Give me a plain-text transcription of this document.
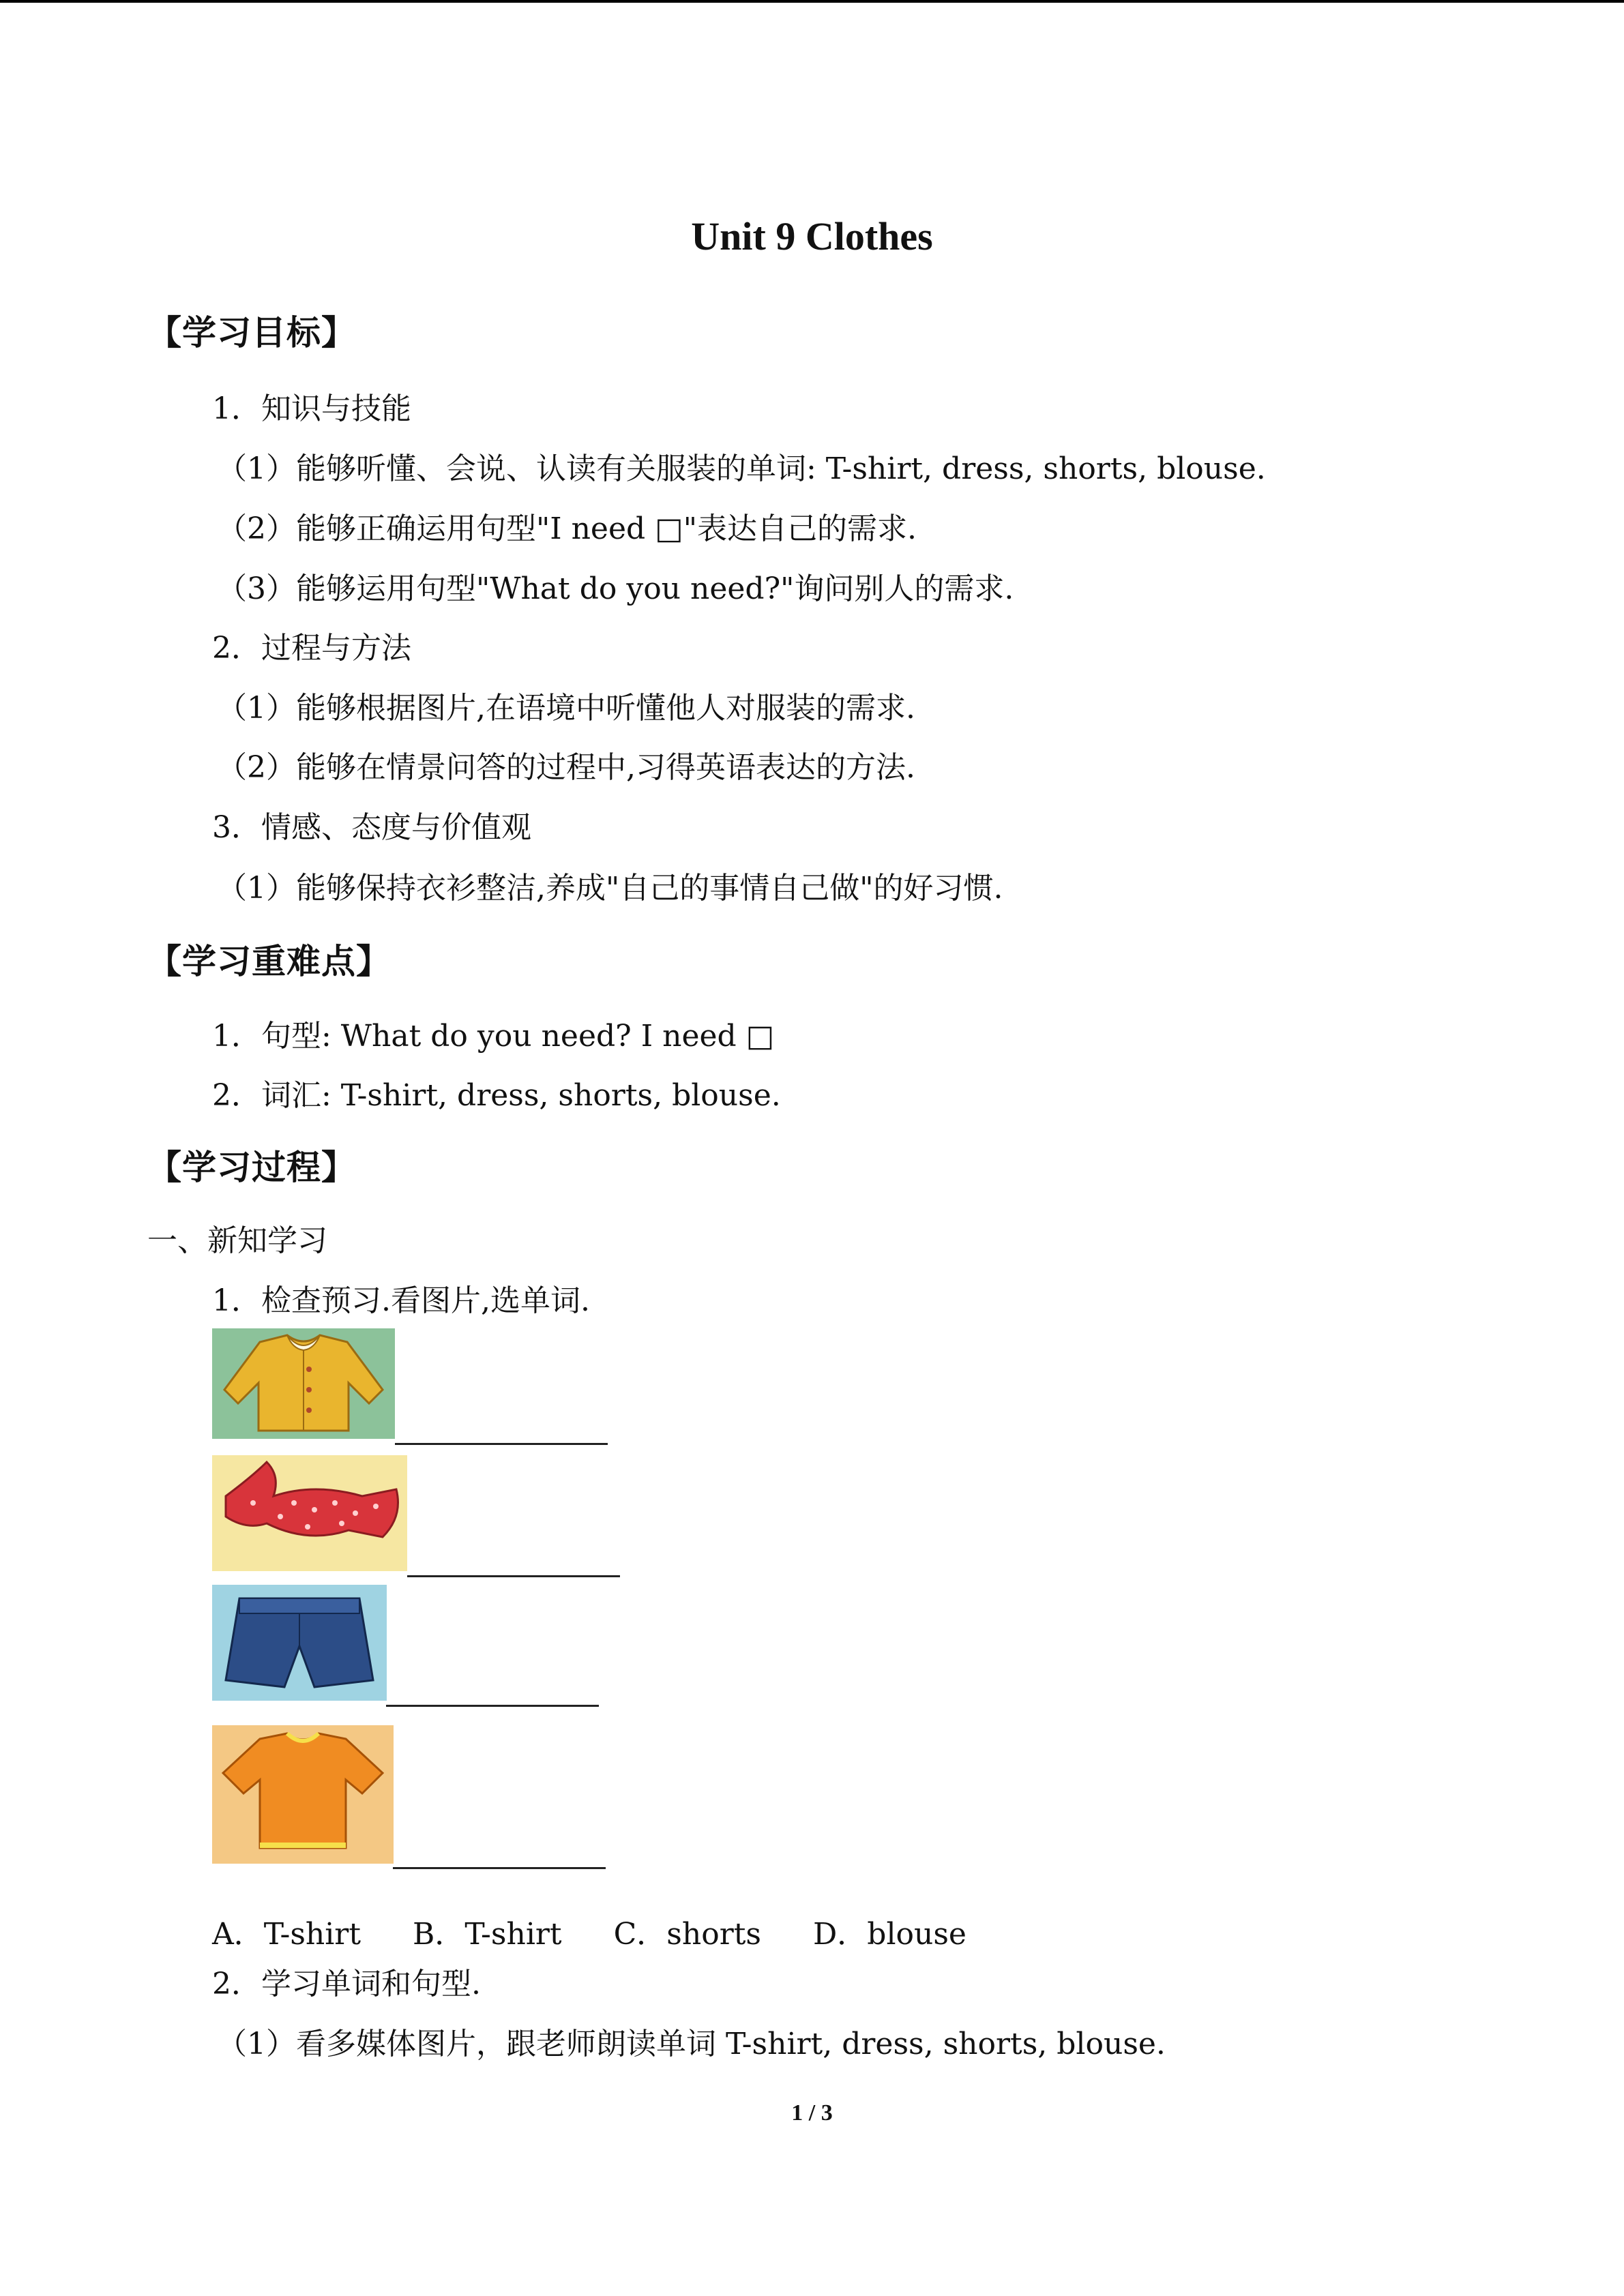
Unit 9 Clothes
【学习目标】
1．知识与技能
（1）能够听懂、会说、认读有关服装的单词: T-shirt, dress, shorts, blouse.
（2）能够正确运用句型"I need □"表达自己的需求.
（3）能够运用句型"What do you need?"询问别人的需求.
2．过程与方法
（1）能够根据图片,在语境中听懂他人对服装的需求.
（2）能够在情景问答的过程中,习得英语表达的方法.
3．情感、态度与价值观
（1）能够保持衣衫整洁,养成"自己的事情自己做"的好习惯.
【学习重难点】
1．句型: What do you need? I need □
2．词汇: T-shirt, dress, shorts, blouse.
【学习过程】
一、新知学习
1．检查预习.看图片,选单词.
A．T-shirt B．T-shirt C．shorts D．blouse
2．学习单词和句型.
（1）看多媒体图片，跟老师朗读单词 T-shirt, dress, shorts, blouse.
1 / 3
